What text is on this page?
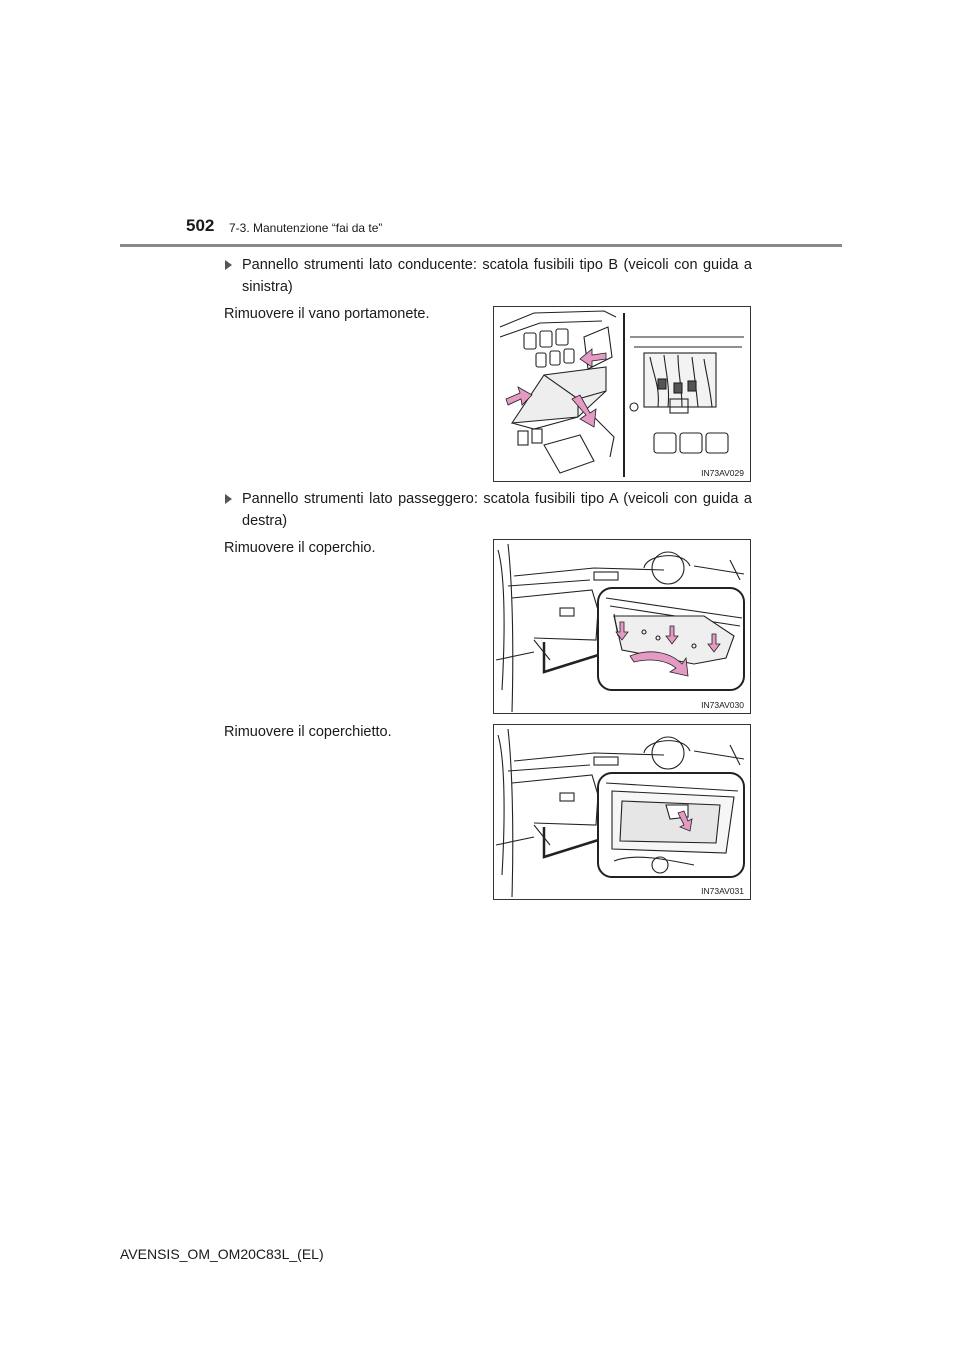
502 7-3. Manutenzione “fai da te”
Pannello strumenti lato conducente: scatola fusibili tipo B (veicoli con guida a sinistra)
Rimuovere il vano portamonete.
IN73AV029
Pannello strumenti lato passeggero: scatola fusibili tipo A (veicoli con guida a destra)
Rimuovere il coperchio.
IN73AV030
Rimuovere il coperchietto.
IN73AV031
AVENSIS_OM_OM20C83L_(EL)
